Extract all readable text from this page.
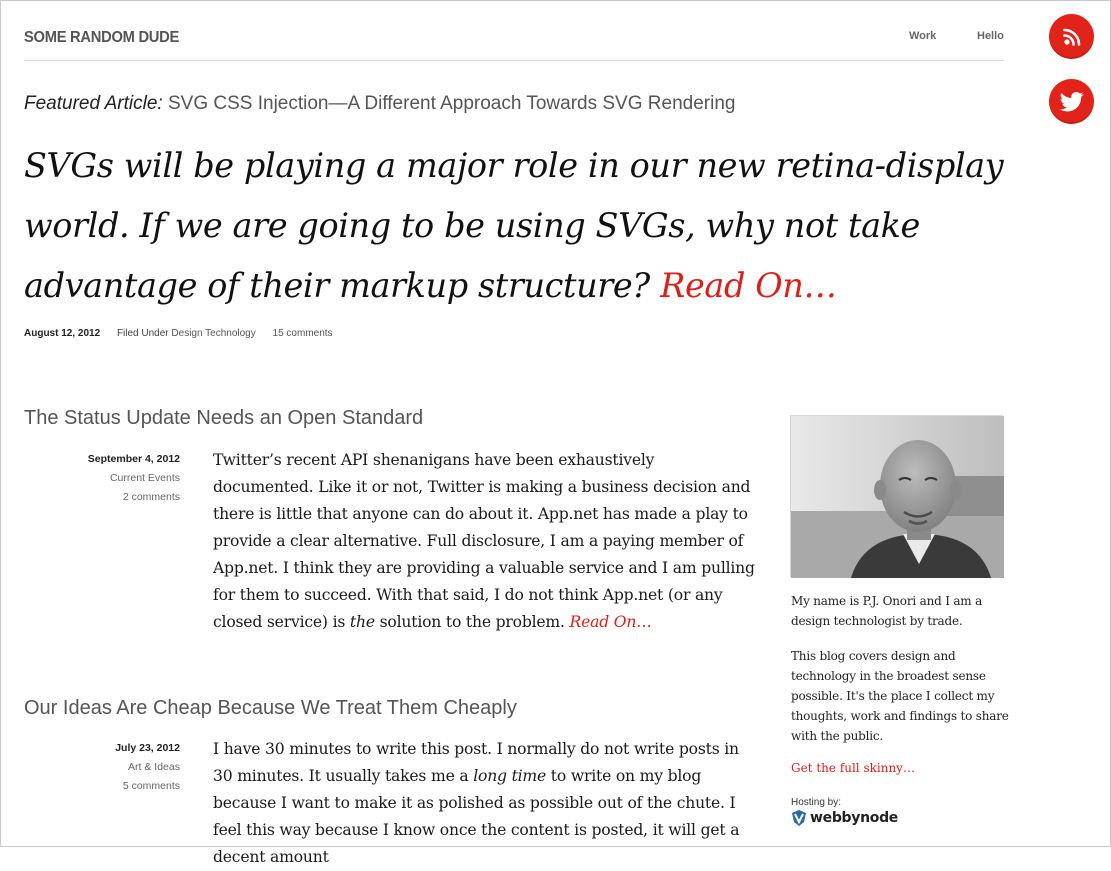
SOME RANDOM DUDE	Work	Hello
Featured Article: SVG CSS Injection—A Different Approach Towards SVG Rendering
SVGs will be playing a major role in our new retina-display world. If we are going to be using SVGs, why not take advantage of their markup structure? Read On…
August 12, 2012 Filed Under Design Technology 15 comments
The Status Update Needs an Open Standard
September 4, 2012
Current Events
2 comments
Twitter’s recent API shenanigans have been exhaustively documented. Like it or not, Twitter is making a business decision and there is little that anyone can do about it. App.net has made a play to provide a clear alternative. Full disclosure, I am a paying member of App.net. I think they are providing a valuable service and I am pulling for them to succeed. With that said, I do not think App.net (or any closed service) is the solution to the problem. Read On…
Our Ideas Are Cheap Because We Treat Them Cheaply
July 23, 2012
Art & Ideas
5 comments
I have 30 minutes to write this post. I normally do not write posts in 30 minutes. It usually takes me a long time to write on my blog because I want to make it as polished as possible out of the chute. I feel this way because I know once the content is posted, it will get a decent amount
My name is P.J. Onori and I am a design technologist by trade.
This blog covers design and technology in the broadest sense possible. It's the place I collect my thoughts, work and findings to share with the public.
Get the full skinny…
Hosting by:
webbynode
